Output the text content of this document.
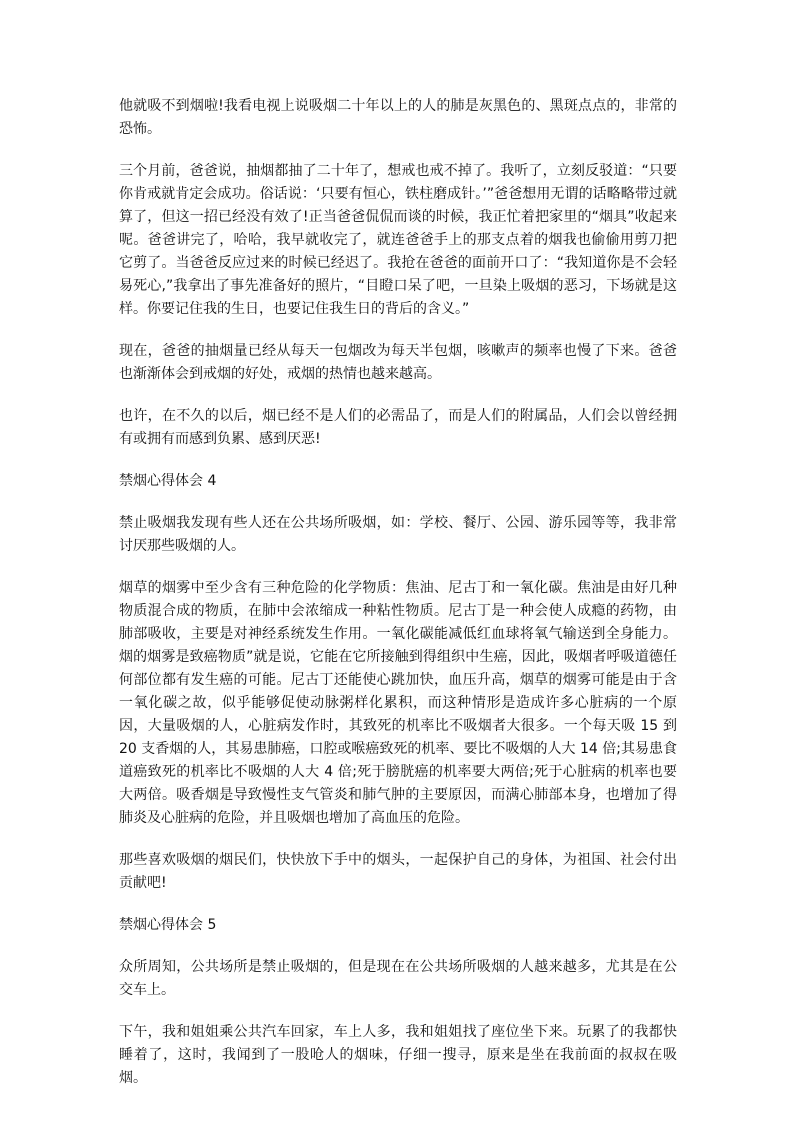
他就吸不到烟啦!我看电视上说吸烟二十年以上的人的肺是灰黑色的、黑斑点点的，非常的恐怖。

三个月前，爸爸说，抽烟都抽了二十年了，想戒也戒不掉了。我听了，立刻反驳道：“只要你肯戒就肯定会成功。俗话说：‘只要有恒心，铁柱磨成针。’”爸爸想用无谓的话略略带过就算了，但这一招已经没有效了!正当爸爸侃侃而谈的时候，我正忙着把家里的“烟具”收起来呢。爸爸讲完了，哈哈，我早就收完了，就连爸爸手上的那支点着的烟我也偷偷用剪刀把它剪了。当爸爸反应过来的时候已经迟了。我抢在爸爸的面前开口了：“我知道你是不会轻易死心,”我拿出了事先准备好的照片，“目瞪口呆了吧，一旦染上吸烟的恶习，下场就是这样。你要记住我的生日，也要记住我生日的背后的含义。”

现在，爸爸的抽烟量已经从每天一包烟改为每天半包烟，咳嗽声的频率也慢了下来。爸爸也渐渐体会到戒烟的好处，戒烟的热情也越来越高。

也许，在不久的以后，烟已经不是人们的必需品了，而是人们的附属品，人们会以曾经拥有或拥有而感到负累、感到厌恶!

禁烟心得体会 4

禁止吸烟我发现有些人还在公共场所吸烟，如：学校、餐厅、公园、游乐园等等，我非常讨厌那些吸烟的人。

烟草的烟雾中至少含有三种危险的化学物质：焦油、尼古丁和一氧化碳。焦油是由好几种物质混合成的物质，在肺中会浓缩成一种粘性物质。尼古丁是一种会使人成瘾的药物，由肺部吸收，主要是对神经系统发生作用。一氧化碳能减低红血球将氧气输送到全身能力。烟的烟雾是致癌物质”就是说，它能在它所接触到得组织中生癌，因此，吸烟者呼吸道德任何部位都有发生癌的可能。尼古丁还能使心跳加快，血压升高，烟草的烟雾可能是由于含一氧化碳之故，似乎能够促使动脉粥样化累积，而这种情形是造成许多心脏病的一个原因，大量吸烟的人，心脏病发作时，其致死的机率比不吸烟者大很多。一个每天吸 15 到 20 支香烟的人，其易患肺癌，口腔或喉癌致死的机率、要比不吸烟的人大 14 倍;其易患食道癌致死的机率比不吸烟的人大 4 倍;死于膀胱癌的机率要大两倍;死于心脏病的机率也要大两倍。吸香烟是导致慢性支气管炎和肺气肿的主要原因，而满心肺部本身，也增加了得肺炎及心脏病的危险，并且吸烟也增加了高血压的危险。

那些喜欢吸烟的烟民们，快快放下手中的烟头，一起保护自己的身体，为祖国、社会付出贡献吧!

禁烟心得体会 5

众所周知，公共场所是禁止吸烟的，但是现在在公共场所吸烟的人越来越多，尤其是在公交车上。

下午，我和姐姐乘公共汽车回家，车上人多，我和姐姐找了座位坐下来。玩累了的我都快睡着了，这时，我闻到了一股呛人的烟味，仔细一搜寻，原来是坐在我前面的叔叔在吸烟。
